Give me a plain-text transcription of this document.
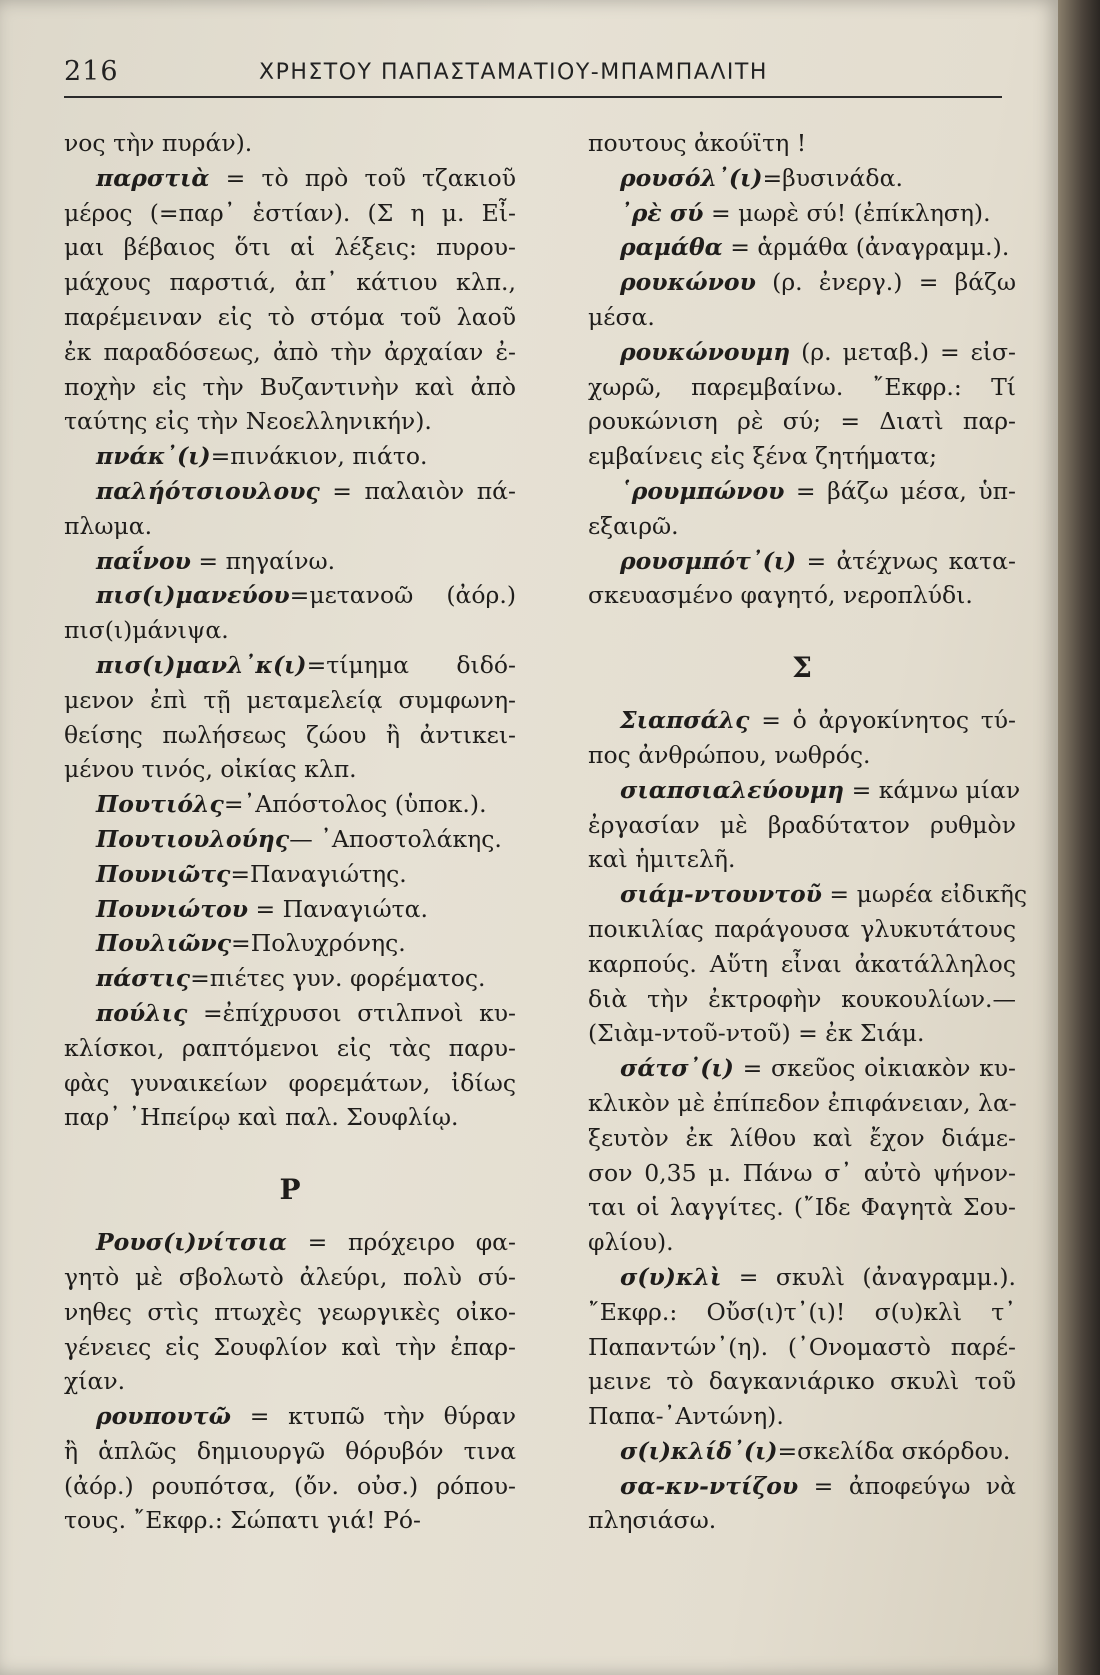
216	ΧΡΗΣΤΟΥ ΠΑΠΑΣΤΑΜΑΤΙΟΥ-ΜΠΑΜΠΑΛΙΤΗ
νος τὴν πυράν).
παρστιὰ = τὸ πρὸ τοῦ τζακιοῦ
μέρος (=παρ᾽ ἑστίαν). (Σ η μ. Εἶ-
μαι βέβαιος ὅτι αἱ λέξεις: πυρου-
μάχους παρστιά, ἀπ᾽ κάτιου κλπ.,
παρέμειναν εἰς τὸ στόμα τοῦ λαοῦ
ἐκ παραδόσεως, ἀπὸ τὴν ἀρχαίαν ἐ-
ποχὴν εἰς τὴν Βυζαντινὴν καὶ ἀπὸ
ταύτης εἰς τὴν Νεοελληνικήν).
πνάκ᾽(ι)=πινάκιον, πιάτο.
παλήότσιουλους = παλαιὸν πά-
πλωμα.
παΐνου = πηγαίνω.
πισ(ι)μανεύου=μετανοῶ (ἀόρ.)
πισ(ι)μάνιψα.
πισ(ι)μανλ᾽κ(ι)=τίμημα διδό-
μενον ἐπὶ τῇ μεταμελείᾳ συμφωνη-
θείσης πωλήσεως ζώου ἢ ἀντικει-
μένου τινός, οἰκίας κλπ.
Πουτιόλς=᾿Απόστολος (ὑποκ.).
Πουτιουλούης— ᾿Αποστολάκης.
Πουνιῶτς=Παναγιώτης.
Πουνιώτου = Παναγιώτα.
Πουλιῶνς=Πολυχρόνης.
πάστις=πιέτες γυν. φορέματος.
πούλις =ἐπίχρυσοι στιλπνοὶ κυ-
κλίσκοι, ραπτόμενοι εἰς τὰς παρυ-
φὰς γυναικείων φορεμάτων, ἰδίως
παρ᾽ ᾿Ηπείρῳ καὶ παλ. Σουφλίῳ.
Ρ
Ρουσ(ι)νίτσια = πρόχειρο φα-
γητὸ μὲ σβολωτὸ ἀλεύρι, πολὺ σύ-
νηθες στὶς πτωχὲς γεωργικὲς οἰκο-
γένειες εἰς Σουφλίον καὶ τὴν ἐπαρ-
χίαν.
ρουπουτῶ = κτυπῶ τὴν θύραν
ἢ ἁπλῶς δημιουργῶ θόρυβόν τινα
(ἀόρ.) ρουπότσα, (ὄν. οὐσ.) ρόπου-
τους. ῎Εκφρ.: Σώπατι γιά! Ρό-
πουτους ἀκούϊτη !
ρουσόλ᾽(ι)=βυσινάδα.
᾿ρὲ σύ = μωρὲ σύ! (ἐπίκληση).
ραμάθα = ἁρμάθα (ἀναγραμμ.).
ρουκώνου (ρ. ἐνεργ.) = βάζω
μέσα.
ρουκώνουμη (ρ. μεταβ.) = εἰσ-
χωρῶ, παρεμβαίνω. ῎Εκφρ.: Τί
ρουκώνιση ρὲ σύ; = Διατὶ παρ-
εμβαίνεις εἰς ξένα ζητήματα;
῾ρουμπώνου = βάζω μέσα, ὑπ-
εξαιρῶ.
ρουσμπότ᾽(ι) = ἀτέχνως κατα-
σκευασμένο φαγητό, νεροπλύδι.
Σ
Σιαπσάλς = ὁ ἀργοκίνητος τύ-
πος ἀνθρώπου, νωθρός.
σιαπσιαλεύουμη = κάμνω μίαν
ἐργασίαν μὲ βραδύτατον ρυθμὸν
καὶ ἡμιτελῆ.
σιάμ-ντουντοῦ = μωρέα εἰδικῆς
ποικιλίας παράγουσα γλυκυτάτους
καρπούς. Αὕτη εἶναι ἀκατάλληλος
διὰ τὴν ἐκτροφὴν κουκουλίων.—
(Σιὰμ-ντοῦ-ντοῦ) = ἐκ Σιάμ.
σάτσ᾽(ι) = σκεῦος οἰκιακὸν κυ-
κλικὸν μὲ ἐπίπεδον ἐπιφάνειαν, λα-
ξευτὸν ἐκ λίθου καὶ ἔχον διάμε-
σον 0,35 μ. Πάνω σ᾽ αὐτὸ ψήνον-
ται οἱ λαγγίτες. (῎Ιδε Φαγητὰ Σου-
φλίου).
σ(υ)κλὶ = σκυλὶ (ἀναγραμμ.).
῎Εκφρ.: Οὔσ(ι)τ᾽(ι)! σ(υ)κλὶ τ᾽
Παπαντών᾽(η). (᾿Ονομαστὸ παρέ-
μεινε τὸ δαγκανιάρικο σκυλὶ τοῦ
Παπα-᾿Αντώνη).
σ(ι)κλίδ᾽(ι)=σκελίδα σκόρδου.
σα-κν-ντίζου = ἀποφεύγω νὰ
πλησιάσω.
